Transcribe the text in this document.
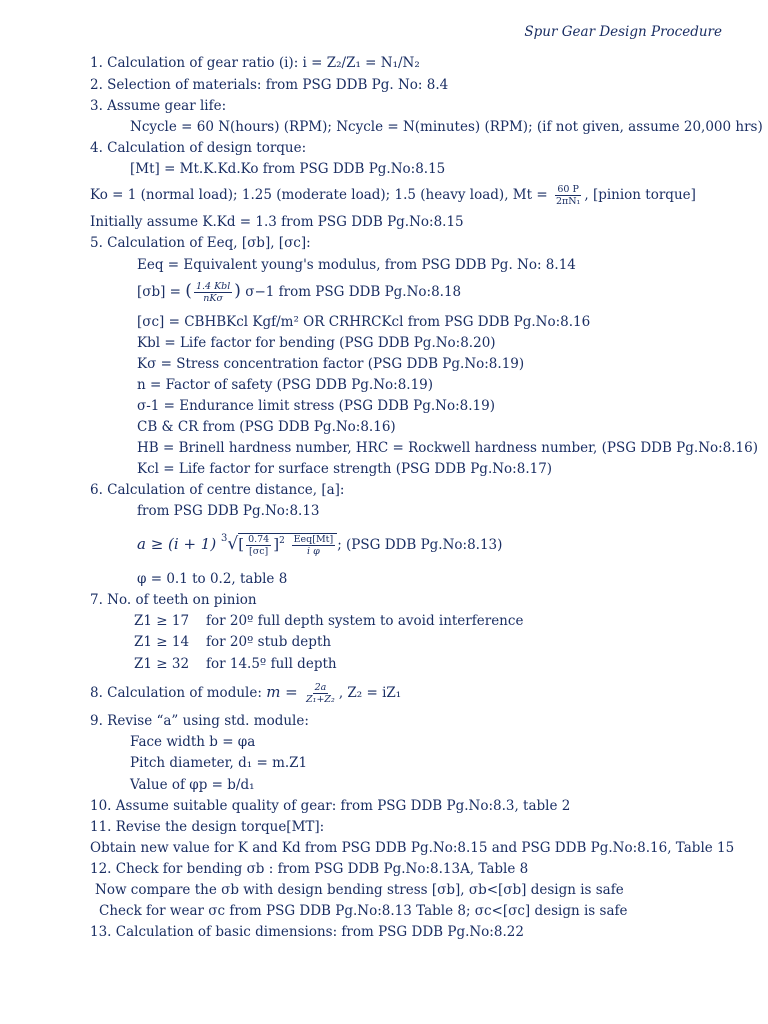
Spur Gear Design Procedure
1. Calculation of gear ratio (i): i = Z₂/Z₁ = N₁/N₂
2. Selection of materials: from PSG DDB Pg. No: 8.4
3. Assume gear life:
Ncycle = 60 N(hours) (RPM); Ncycle = N(minutes) (RPM); (if not given, assume 20,000 hrs)
4. Calculation of design torque:
[Mt] = Mt.K.Kd.Ko from PSG DDB Pg.No:8.15
Ko = 1 (normal load); 1.25 (moderate load); 1.5 (heavy load), $Mt = \frac{60 P}{\text{2πN₁}}$ , [pinion torque]
Initially assume K.Kd = 1.3 from PSG DDB Pg.No:8.15
5. Calculation of Eeq, [σb], [σc]:
Eeq = Equivalent young's modulus, from PSG DDB Pg. No: 8.14
[σb] = ( $\frac{\text{1.4 Kbl}}{\text{nKσ}}$ ) σ−1 from PSG DDB Pg.No:8.18
[σc] = CBHBKcl Kgf/m² OR CRHRCKcl from PSG DDB Pg.No:8.16
Kbl = Life factor for bending (PSG DDB Pg.No:8.20)
Kσ = Stress concentration factor (PSG DDB Pg.No:8.19)
n = Factor of safety (PSG DDB Pg.No:8.19)
σ-1 = Endurance limit stress (PSG DDB Pg.No:8.19)
CB & CR from (PSG DDB Pg.No:8.16)
HB = Brinell hardness number, HRC = Rockwell hardness number, (PSG DDB Pg.No:8.16)
Kcl = Life factor for surface strength (PSG DDB Pg.No:8.17)
6. Calculation of centre distance, [a]:
from PSG DDB Pg.No:8.13
a ≥ (i + 1) $^3√[ \frac{0.74}{[\sigma c]} ]^2 \frac{\text{Eeq[Mt]}}{\text{i φ}}$ ; (PSG DDB Pg.No:8.13)
φ = 0.1 to 0.2, table 8
7. No. of teeth on pinion
Z1 ≥ 17 for 20º full depth system to avoid interference
Z1 ≥ 14 for 20º stub depth
Z1 ≥ 32 for 14.5º full depth
8. Calculation of module: $m = \frac{2a}{\text{Z₁+Z₂}}$ , Z₂ = iZ₁
9. Revise “a” using std. module:
Face width b = φa
Pitch diameter, d₁ = m.Z1
Value of φp = b/d₁
10. Assume suitable quality of gear: from PSG DDB Pg.No:8.3, table 2
11. Revise the design torque[MT]:
Obtain new value for K and Kd from PSG DDB Pg.No:8.15 and PSG DDB Pg.No:8.16, Table 15
12. Check for bending σb : from PSG DDB Pg.No:8.13A, Table 8
Now compare the σb with design bending stress [σb], σb<[σb] design is safe
Check for wear σc from PSG DDB Pg.No:8.13 Table 8; σc<[σc] design is safe
13. Calculation of basic dimensions: from PSG DDB Pg.No:8.22
